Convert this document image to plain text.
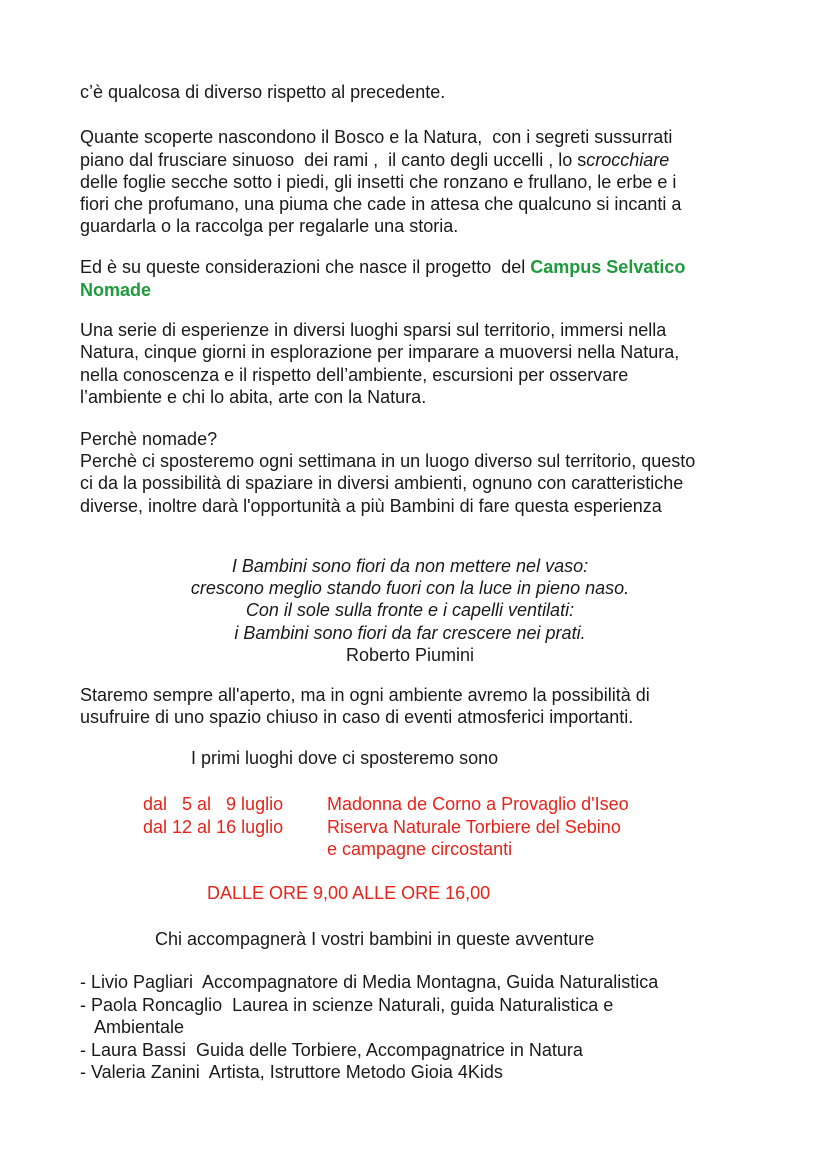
c’è qualcosa di diverso rispetto al precedente.
Quante scoperte nascondono il Bosco e la Natura,  con i segreti sussurrati
piano dal frusciare sinuoso  dei rami ,  il canto degli uccelli , lo scrocchiare
delle foglie secche sotto i piedi, gli insetti che ronzano e frullano, le erbe e i
fiori che profumano, una piuma che cade in attesa che qualcuno si incanti a
guardarla o la raccolga per regalarle una storia.
Ed è su queste considerazioni che nasce il progetto  del Campus Selvatico
Nomade
Una serie di esperienze in diversi luoghi sparsi sul territorio, immersi nella
Natura, cinque giorni in esplorazione per imparare a muoversi nella Natura,
nella conoscenza e il rispetto dell’ambiente, escursioni per osservare
l’ambiente e chi lo abita, arte con la Natura.
Perchè nomade?
Perchè ci sposteremo ogni settimana in un luogo diverso sul territorio, questo
ci da la possibilità di spaziare in diversi ambienti, ognuno con caratteristiche
diverse, inoltre darà l'opportunità a più Bambini di fare questa esperienza
I Bambini sono fiori da non mettere nel vaso:
crescono meglio stando fuori con la luce in pieno naso.
Con il sole sulla fronte e i capelli ventilati:
i Bambini sono fiori da far crescere nei prati.
Roberto Piumini
Staremo sempre all'aperto, ma in ogni ambiente avremo la possibilità di
usufruire di uno spazio chiuso in caso di eventi atmosferici importanti.
I primi luoghi dove ci sposteremo sono
dal   5 al   9 luglio Madonna de Corno a Provaglio d'Iseo
dal 12 al 16 luglio Riserva Naturale Torbiere del Sebino
e campagne circostanti
DALLE ORE 9,00 ALLE ORE 16,00
Chi accompagnerà I vostri bambini in queste avventure
- Livio Pagliari  Accompagnatore di Media Montagna, Guida Naturalistica
- Paola Roncaglio  Laurea in scienze Naturali, guida Naturalistica e
Ambientale
- Laura Bassi  Guida delle Torbiere, Accompagnatrice in Natura
- Valeria Zanini  Artista, Istruttore Metodo Gioia 4Kids
